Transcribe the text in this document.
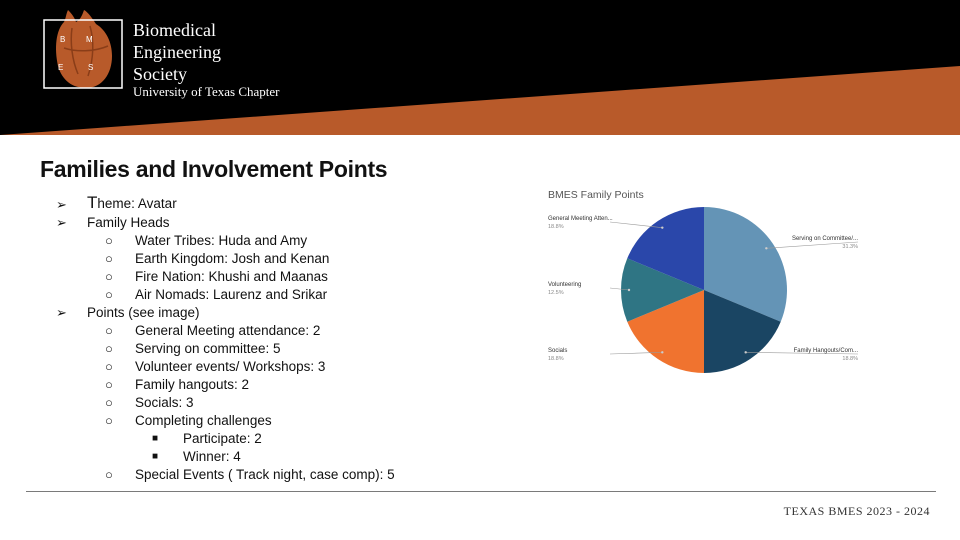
B	M
E	S
Biomedical
Engineering
Society
University of Texas Chapter
Families and Involvement Points
➢ Theme: Avatar
➢ Family Heads
○ Water Tribes: Huda and Amy
○ Earth Kingdom: Josh and Kenan
○ Fire Nation: Khushi and Maanas
○ Air Nomads: Laurenz and Srikar
➢ Points (see image)
○ General Meeting attendance: 2
○ Serving on committee: 5
○ Volunteer events/ Workshops: 3
○ Family hangouts: 2
○ Socials: 3
○ Completing challenges
■ Participate: 2
■ Winner: 4
○ Special Events ( Track night, case comp): 5
BMES Family Points
Serving on Committee/...
31.3%
Family Hangouts/Com...
18.8%
Socials
18.8%
Volunteering
12.5%
General Meeting Atten...
18.8%
TEXAS BMES 2023 - 2024
